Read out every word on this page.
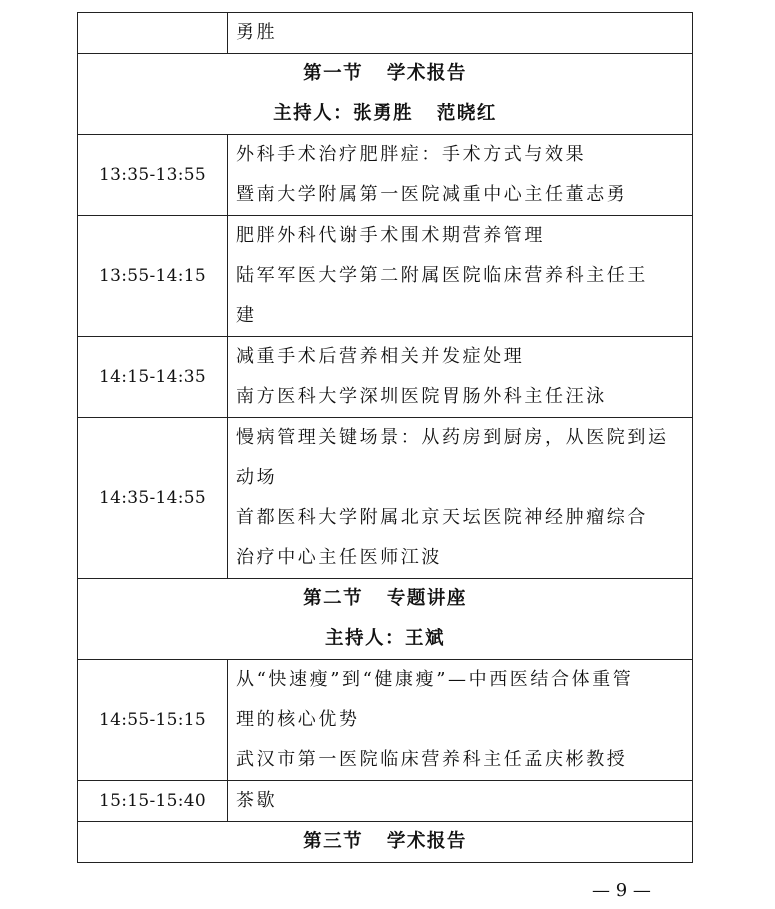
	勇胜

第一节   学术报告
主持人：张勇胜   范晓红	

13:35-13:55	外科手术治疗肥胖症：手术方式与效果
暨南大学附属第一医院减重中心主任董志勇

13:55-14:15	肥胖外科代谢手术围术期营养管理
陆军军医大学第二附属医院临床营养科主任王
建

14:15-14:35	减重手术后营养相关并发症处理
南方医科大学深圳医院胃肠外科主任汪泳

14:35-14:55	慢病管理关键场景：从药房到厨房，从医院到运
动场
首都医科大学附属北京天坛医院神经肿瘤综合
治疗中心主任医师江波

第二节   专题讲座
主持人：王斌	

14:55-15:15	从“快速瘦”到“健康瘦”—中西医结合体重管
理的核心优势
武汉市第一医院临床营养科主任孟庆彬教授

15:15-15:40	茶歇

第三节   学术报告	
— 9 —
